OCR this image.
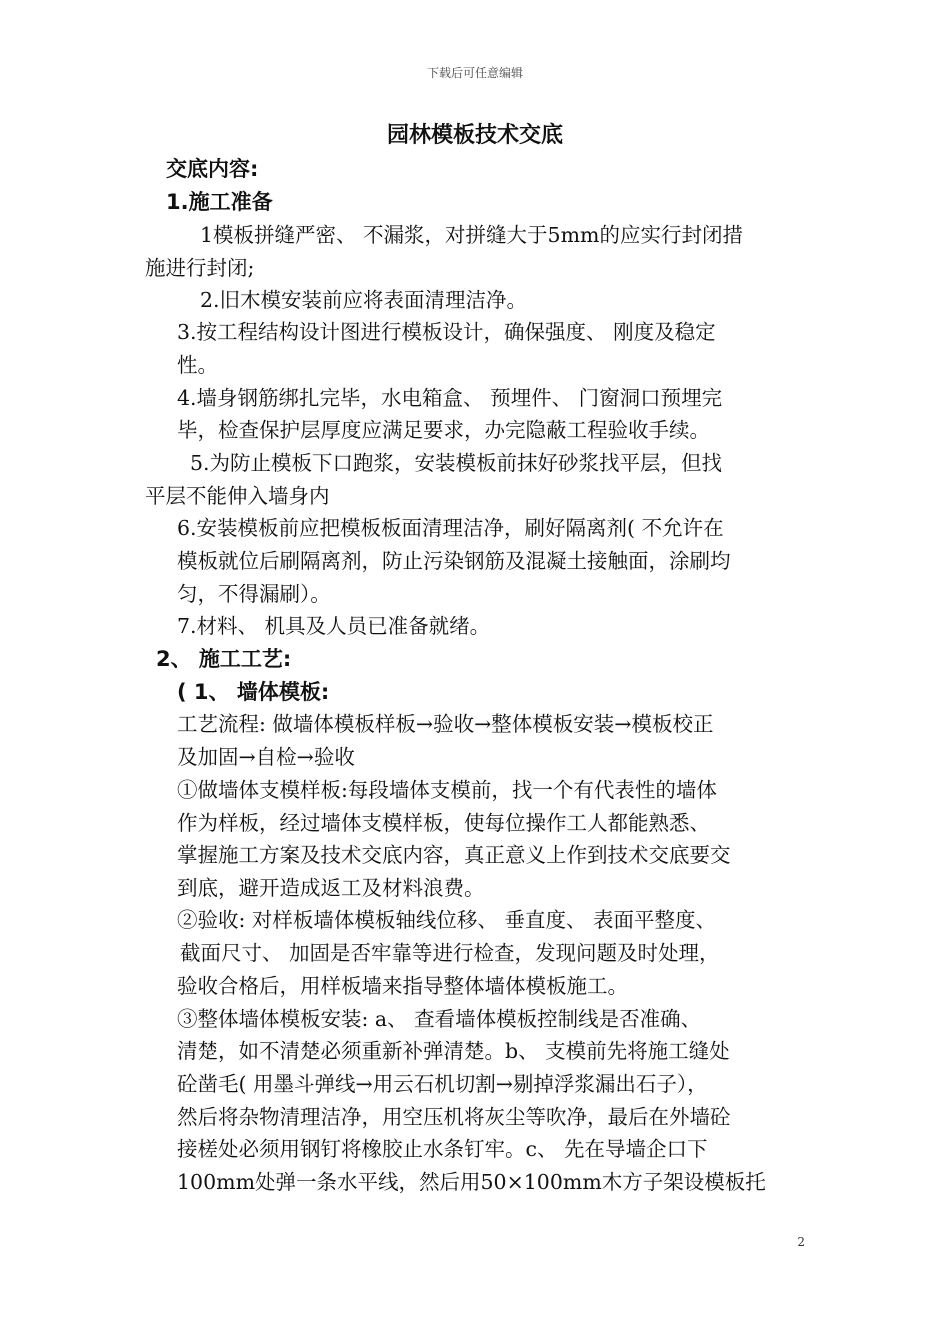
下载后可任意编辑
园林模板技术交底
交底内容:
1.施工准备
1模板拼缝严密、 不漏浆，对拼缝大于5mm的应实行封闭措
施进行封闭;
2.旧木模安装前应将表面清理洁净。
3.按工程结构设计图进行模板设计，确保强度、 刚度及稳定
性。
4.墙身钢筋绑扎完毕，水电箱盒、 预埋件、 门窗洞口预埋完
毕，检查保护层厚度应满足要求，办完隐蔽工程验收手续。
5.为防止模板下口跑浆，安装模板前抹好砂浆找平层，但找
平层不能伸入墙身内
6.安装模板前应把模板板面清理洁净，刷好隔离剂( 不允许在
模板就位后刷隔离剂，防止污染钢筋及混凝土接触面，涂刷均
匀，不得漏刷）。
7.材料、 机具及人员已准备就绪。
2、 施工工艺:
( 1、 墙体模板:
工艺流程: 做墙体模板样板→验收→整体模板安装→模板校正
及加固→自检→验收
①做墙体支模样板:每段墙体支模前，找一个有代表性的墙体
作为样板，经过墙体支模样板，使每位操作工人都能熟悉、
掌握施工方案及技术交底内容，真正意义上作到技术交底要交
到底，避开造成返工及材料浪费。
②验收: 对样板墙体模板轴线位移、 垂直度、 表面平整度、
截面尺寸、 加固是否牢靠等进行检查，发现问题及时处理，
验收合格后，用样板墙来指导整体墙体模板施工。
③整体墙体模板安装: a、 查看墙体模板控制线是否准确、
清楚，如不清楚必须重新补弹清楚。b、 支模前先将施工缝处
砼凿毛( 用墨斗弹线→用云石机切割→剔掉浮浆漏出石子），
然后将杂物清理洁净，用空压机将灰尘等吹净，最后在外墙砼
接槎处必须用钢钉将橡胶止水条钉牢。c、 先在导墙企口下
100mm处弹一条水平线，然后用50×100mm木方子架设模板托
2
